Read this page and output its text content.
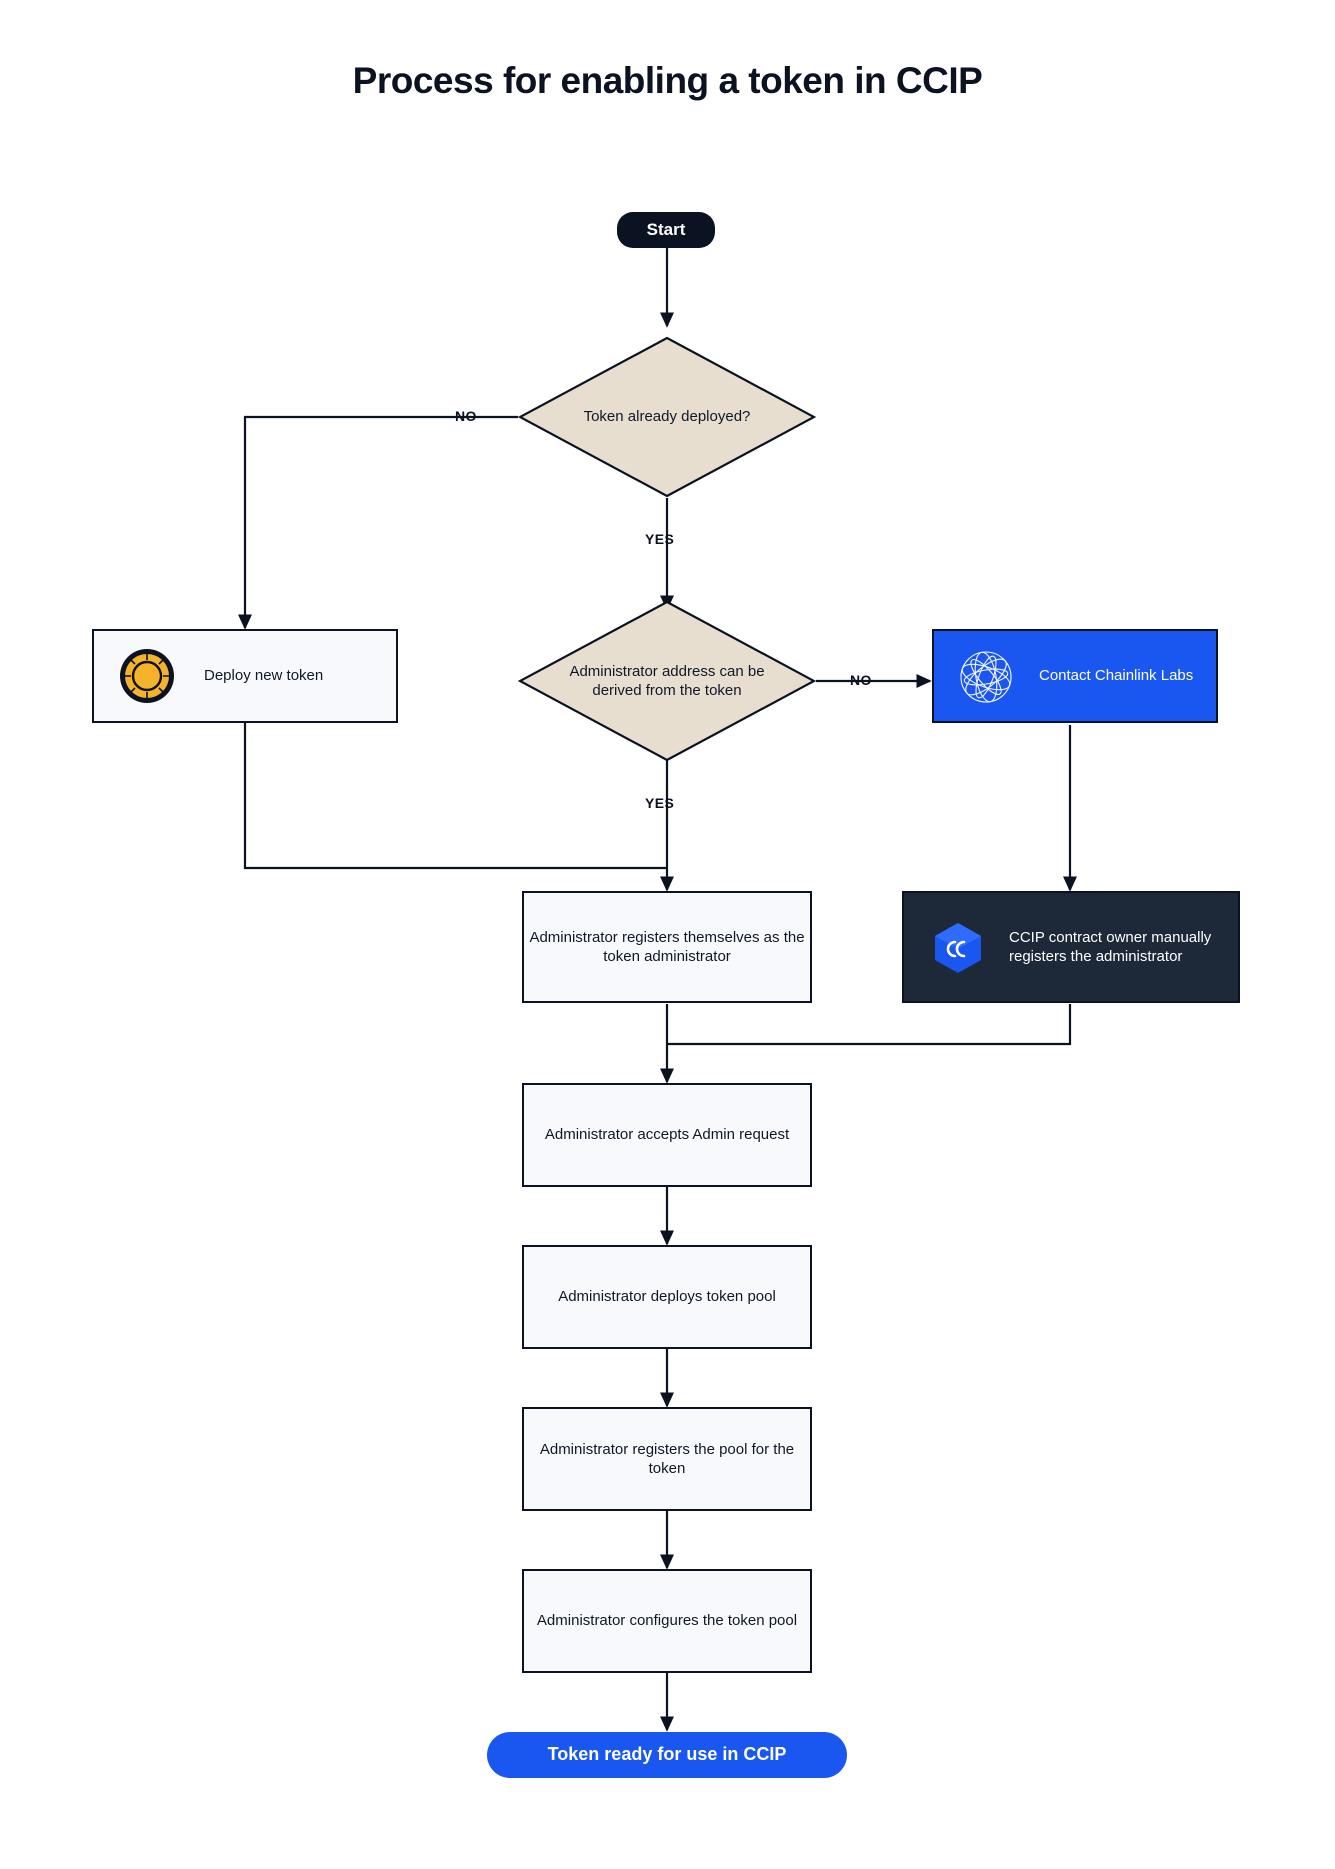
Process for enabling a token in CCIP
Start
Token already deployed?
NO
YES
Deploy new token	Administrator address can be derived from the token
NO
YES
Contact Chainlink Labs
Administrator registers themselves as the token administrator
CCIP contract owner manually registers the administrator
Administrator accepts Admin request
Administrator deploys token pool
Administrator registers the pool for the token
Administrator configures the token pool
Token ready for use in CCIP
